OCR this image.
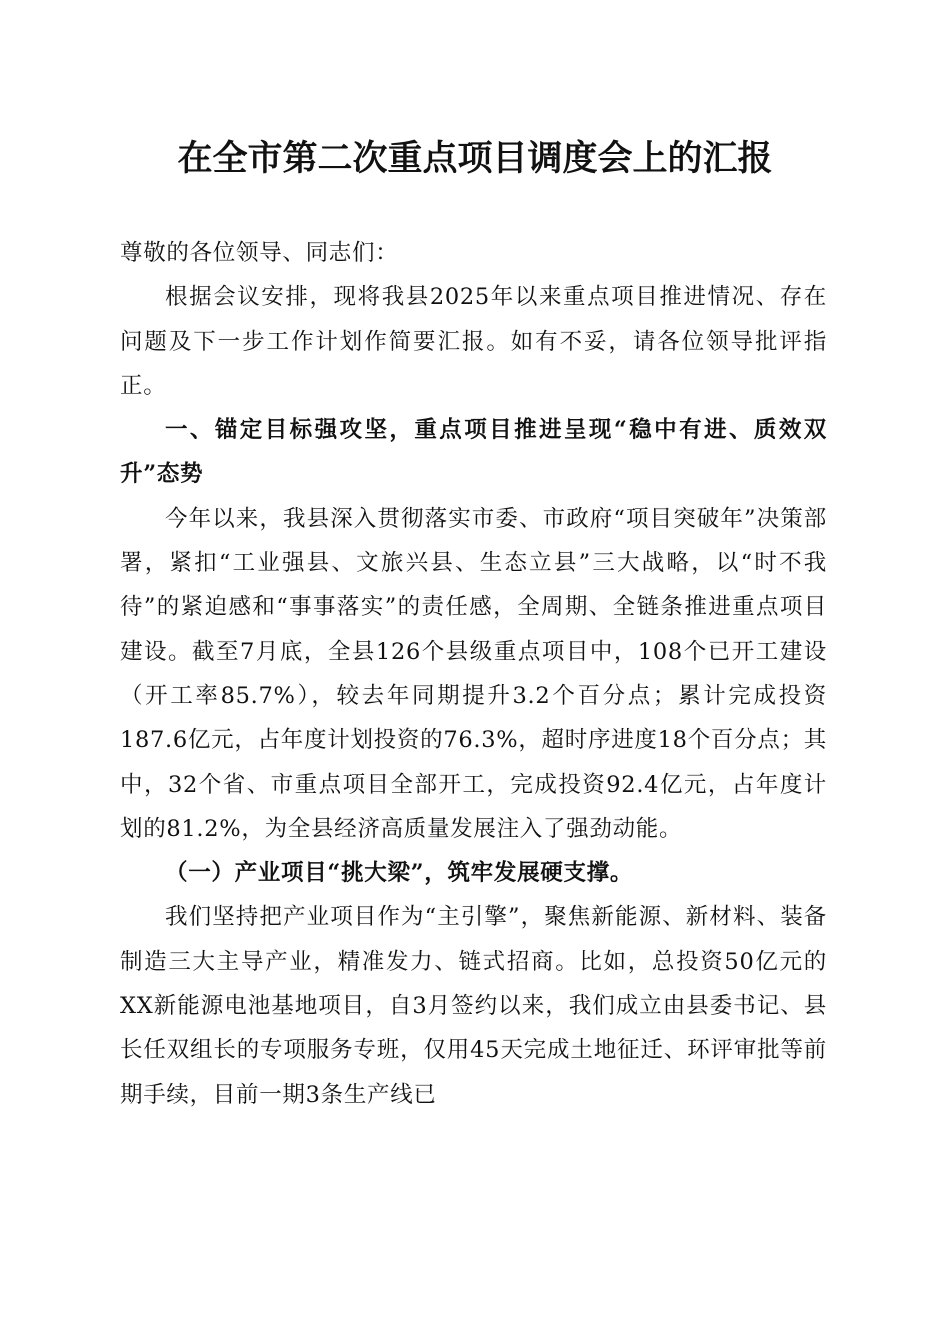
在全市第二次重点项目调度会上的汇报

尊敬的各位领导、同志们：

根据会议安排，现将我县2025年以来重点项目推进情况、存在问题及下一步工作计划作简要汇报。如有不妥，请各位领导批评指正。

一、锚定目标强攻坚，重点项目推进呈现“稳中有进、质效双升”态势

今年以来，我县深入贯彻落实市委、市政府“项目突破年”决策部署，紧扣“工业强县、文旅兴县、生态立县”三大战略，以“时不我待”的紧迫感和“事事落实”的责任感，全周期、全链条推进重点项目建设。截至7月底，全县126个县级重点项目中，108个已开工建设（开工率85.7%），较去年同期提升3.2个百分点；累计完成投资187.6亿元，占年度计划投资的76.3%，超时序进度18个百分点；其中，32个省、市重点项目全部开工，完成投资92.4亿元，占年度计划的81.2%，为全县经济高质量发展注入了强劲动能。

（一）产业项目“挑大梁”，筑牢发展硬支撑。

我们坚持把产业项目作为“主引擎”，聚焦新能源、新材料、装备制造三大主导产业，精准发力、链式招商。比如，总投资50亿元的XX新能源电池基地项目，自3月签约以来，我们成立由县委书记、县长任双组长的专项服务专班，仅用45天完成土地征迁、环评审批等前期手续，目前一期3条生产线已
